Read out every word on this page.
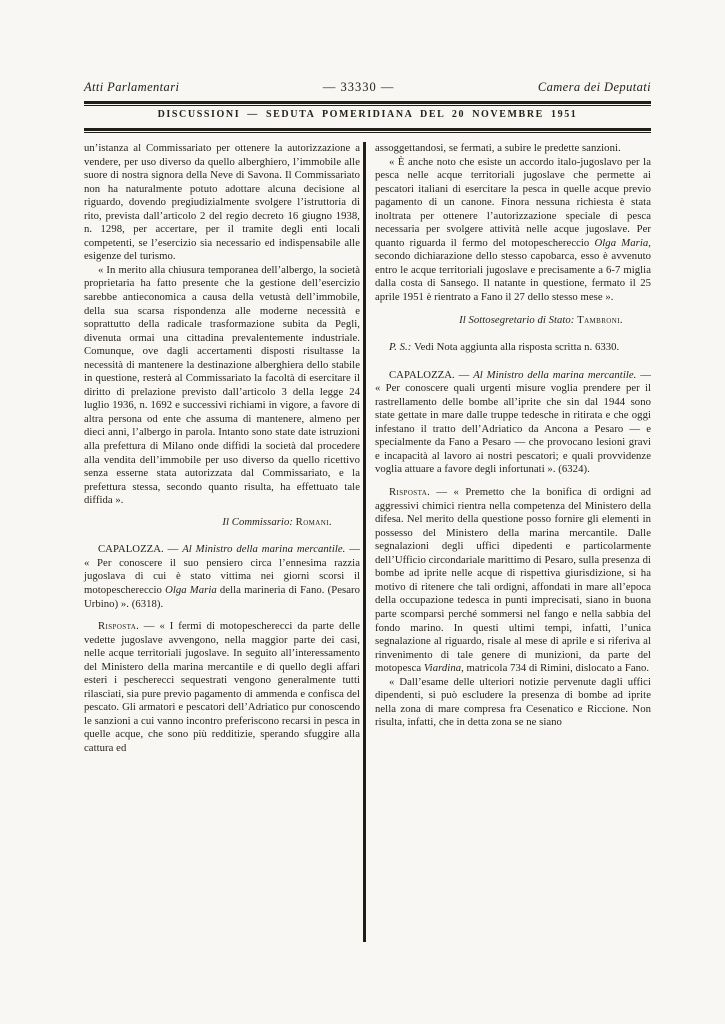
Atti Parlamentari	— 33330 —	Camera dei Deputati
DISCUSSIONI — SEDUTA POMERIDIANA DEL 20 NOVEMBRE 1951

un’istanza al Commissariato per ottenere la autorizzazione a vendere, per uso diverso da quello alberghiero, l’immobile alle suore di nostra signora della Neve di Savona. Il Commissariato non ha naturalmente potuto adottare alcuna decisione al riguardo, dovendo pregiudizialmente svolgere l’istruttoria di rito, prevista dall’articolo 2 del regio decreto 16 giugno 1938, n. 1298, per accertare, per il tramite degli enti locali competenti, se l’esercizio sia necessario ed indispensabile alle esigenze del turismo.

« In merito alla chiusura temporanea dell’albergo, la società proprietaria ha fatto presente che la gestione dell’esercizio sarebbe antieconomica a causa della vetustà dell’immobile, della sua scarsa rispondenza alle moderne necessità e soprattutto della radicale trasformazione subita da Pegli, divenuta ormai una cittadina prevalentemente industriale. Comunque, ove dagli accertamenti disposti risultasse la necessità di mantenere la destinazione alberghiera dello stabile in questione, resterà al Commissariato la facoltà di esercitare il diritto di prelazione previsto dall’articolo 3 della legge 24 luglio 1936, n. 1692 e successivi richiami in vigore, a favore di altra persona od ente che assuma di mantenere, almeno per dieci anni, l’albergo in parola. Intanto sono state date istruzioni alla prefettura di Milano onde diffidi la società dal procedere alla vendita dell’immobile per uso diverso da quello ricettivo senza esserne stata autorizzata dal Commissariato, e la prefettura stessa, secondo quanto risulta, ha effettuato tale diffida ».

Il Commissario: Romani.

CAPALOZZA. — Al Ministro della marina mercantile. — « Per conoscere il suo pensiero circa l’ennesima razzia jugoslava di cui è stato vittima nei giorni scorsi il motopeschereccio Olga Maria della marineria di Fano. (Pesaro Urbino) ». (6318).

Risposta. — « I fermi di motopescherecci da parte delle vedette jugoslave avvengono, nella maggior parte dei casi, nelle acque territoriali jugoslave. In seguito all’interessamento del Ministero della marina mercantile e di quello degli affari esteri i pescherecci sequestrati vengono generalmente tutti rilasciati, sia pure previo pagamento di ammenda e confisca del pescato. Gli armatori e pescatori dell’Adriatico pur conoscendo le sanzioni a cui vanno incontro preferiscono recarsi in pesca in quelle acque, che sono più redditizie, sperando sfuggire alla cattura ed

assoggettandosi, se fermati, a subire le predette sanzioni.

« È anche noto che esiste un accordo italo-jugoslavo per la pesca nelle acque territoriali jugoslave che permette ai pescatori italiani di esercitare la pesca in quelle acque previo pagamento di un canone. Finora nessuna richiesta è stata inoltrata per ottenere l’autorizzazione speciale di pesca necessaria per svolgere attività nelle acque jugoslave. Per quanto riguarda il fermo del motopeschereccio Olga Maria, secondo dichiarazione dello stesso capobarca, esso è avvenuto entro le acque territoriali jugoslave e precisamente a 6-7 miglia dalla costa di Sansego. Il natante in questione, fermato il 25 aprile 1951 è rientrato a Fano il 27 dello stesso mese ».

Il Sottosegretario di Stato: Tambroni.

P. S.: Vedi Nota aggiunta alla risposta scritta n. 6330.

CAPALOZZA. — Al Ministro della marina mercantile. — « Per conoscere quali urgenti misure voglia prendere per il rastrellamento delle bombe all’iprite che sin dal 1944 sono state gettate in mare dalle truppe tedesche in ritirata e che oggi infestano il tratto dell’Adriatico da Ancona a Pesaro — e specialmente da Fano a Pesaro — che provocano lesioni gravi e incapacità al lavoro ai nostri pescatori; e quali provvidenze voglia attuare a favore degli infortunati ». (6324).

Risposta. — « Premetto che la bonifica di ordigni ad aggressivi chimici rientra nella competenza del Ministero della difesa. Nel merito della questione posso fornire gli elementi in possesso del Ministero della marina mercantile. Dalle segnalazioni degli uffici dipedenti e particolarmente dell’Ufficio circondariale marittimo di Pesaro, sulla presenza di bombe ad iprite nelle acque di rispettiva giurisdizione, si ha motivo di ritenere che tali ordigni, affondati in mare all’epoca della occupazione tedesca in punti imprecisati, siano in buona parte scomparsi perché sommersi nel fango e nella sabbia del fondo marino. In questi ultimi tempi, infatti, l’unica segnalazione al riguardo, risale al mese di aprile e si riferiva al rinvenimento di tale genere di munizioni, da parte del motopesca Viardina, matricola 734 di Rimini, dislocato a Fano.

« Dall’esame delle ulteriori notizie pervenute dagli uffici dipendenti, si può escludere la presenza di bombe ad iprite nella zona di mare compresa fra Cesenatico e Riccione. Non risulta, infatti, che in detta zona se ne siano
